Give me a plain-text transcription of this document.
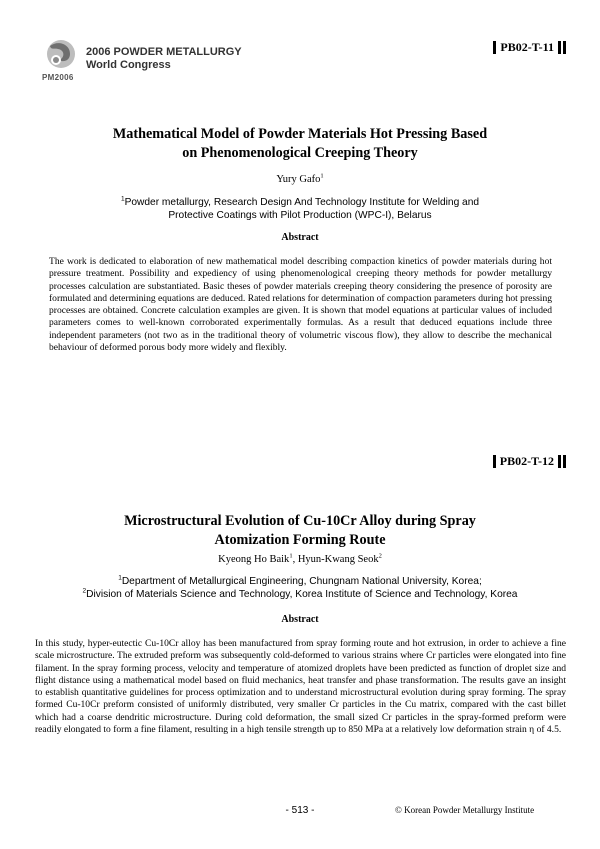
PM2006
2006 POWDER METALLURGY
World Congress
PB02-T-11
Mathematical Model of Powder Materials Hot Pressing Based
on Phenomenological Creeping Theory
Yury Gafo$^1$
$^1$Powder metallurgy, Research Design And Technology Institute for Welding and
Protective Coatings with Pilot Production (WPC-I), Belarus
Abstract
The work is dedicated to elaboration of new mathematical model describing compaction kinetics of powder materials during hot pressure treatment. Possibility and expediency of using phenomenological creeping theory methods for powder metallurgy processes calculation are substantiated. Basic theses of powder materials creeping theory considering the presence of porosity are formulated and determining equations are deduced. Rated relations for determination of compaction parameters during hot pressing processes are obtained. Concrete calculation examples are given. It is shown that model equations at particular values of included parameters comes to well-known corroborated experimentally formulas. As a result that deduced equations include three independent parameters (not two as in the traditional theory of volumetric viscous flow), they allow to describe the mechanical behaviour of deformed porous body more widely and flexibly.
PB02-T-12
Microstructural Evolution of Cu-10Cr Alloy during Spray
Atomization Forming Route
Kyeong Ho Baik$^1$, Hyun-Kwang Seok$^2$
$^1$Department of Metallurgical Engineering, Chungnam National University, Korea;
$^2$Division of Materials Science and Technology, Korea Institute of Science and Technology, Korea
Abstract
In this study, hyper-eutectic Cu-10Cr alloy has been manufactured from spray forming route and hot extrusion, in order to achieve a fine scale microstructure. The extruded preform was subsequently cold-deformed to various strains where Cr particles were elongated into fine filament. In the spray forming process, velocity and temperature of atomized droplets have been predicted as function of droplet size and flight distance using a mathematical model based on fluid mechanics, heat transfer and phase transformation. The results gave an insight to establish quantitative guidelines for process optimization and to understand microstructural evolution during spray forming. The spray formed Cu-10Cr preform consisted of uniformly distributed, very smaller Cr particles in the Cu matrix, compared with the cast billet which had a coarse dendritic microstructure. During cold deformation, the small sized Cr particles in the spray-formed preform were readily elongated to form a fine filament, resulting in a high tensile strength up to 850 MPa at a relatively low deformation strain η of 4.5.
- 513 -	© Korean Powder Metallurgy Institute
